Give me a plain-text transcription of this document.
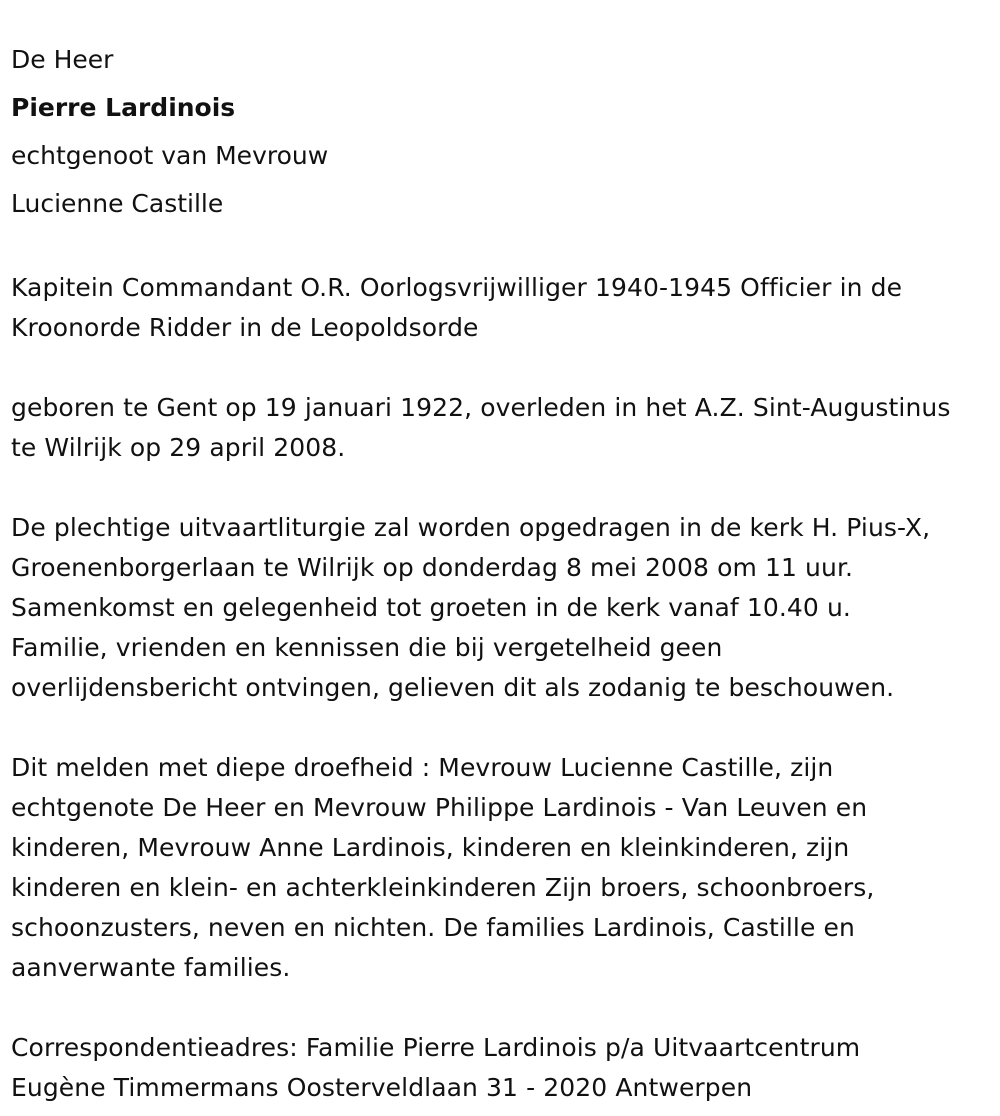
De Heer

Pierre Lardinois

echtgenoot van Mevrouw

Lucienne Castille

Kapitein Commandant O.R. Oorlogsvrijwilliger 1940-1945 Officier in de
Kroonorde Ridder in de Leopoldsorde

geboren te Gent op 19 januari 1922, overleden in het A.Z. Sint-Augustinus
te Wilrijk op 29 april 2008.

De plechtige uitvaartliturgie zal worden opgedragen in de kerk H. Pius-X,
Groenenborgerlaan te Wilrijk op donderdag 8 mei 2008 om 11 uur.
Samenkomst en gelegenheid tot groeten in de kerk vanaf 10.40 u.
Familie, vrienden en kennissen die bij vergetelheid geen
overlijdensbericht ontvingen, gelieven dit als zodanig te beschouwen.

Dit melden met diepe droefheid : Mevrouw Lucienne Castille, zijn
echtgenote De Heer en Mevrouw Philippe Lardinois - Van Leuven en
kinderen, Mevrouw Anne Lardinois, kinderen en kleinkinderen, zijn
kinderen en klein- en achterkleinkinderen Zijn broers, schoonbroers,
schoonzusters, neven en nichten. De families Lardinois, Castille en
aanverwante families.

Correspondentieadres: Familie Pierre Lardinois p/a Uitvaartcentrum
Eugène Timmermans Oosterveldlaan 31 - 2020 Antwerpen
